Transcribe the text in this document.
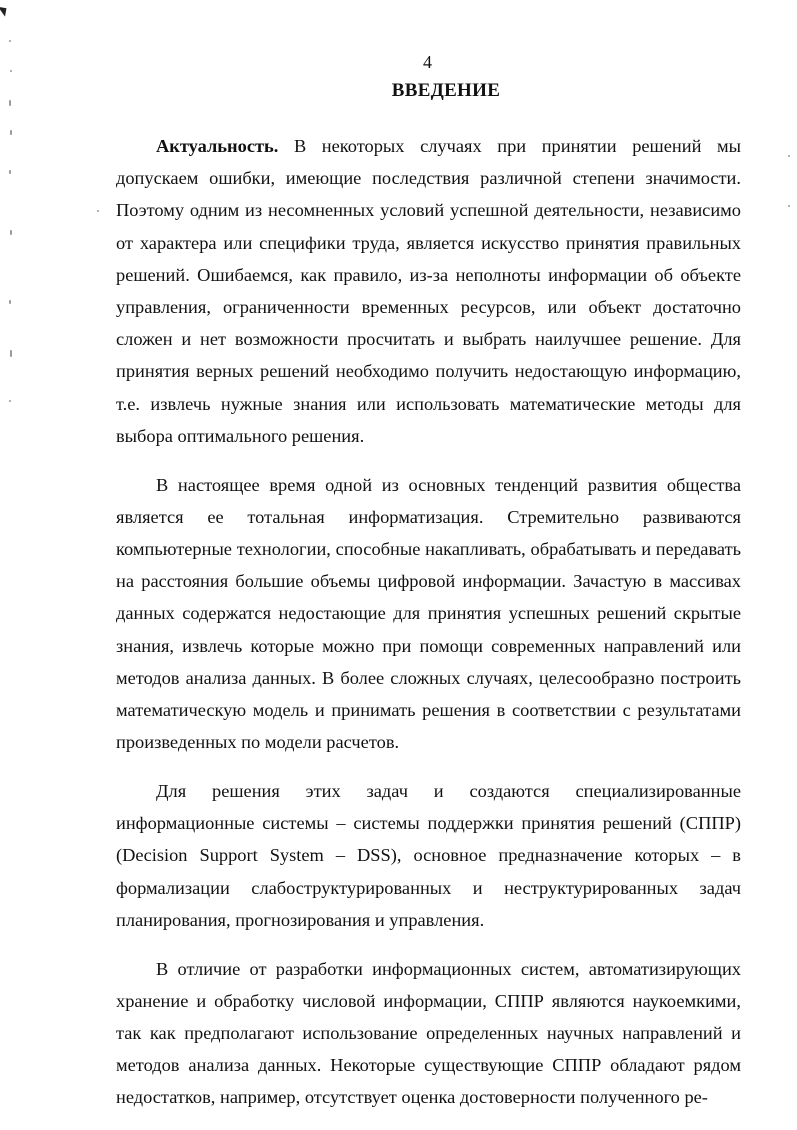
4
ВВЕДЕНИЕ

Актуальность. В некоторых случаях при принятии решений мы допускаем ошибки, имеющие последствия различной степени значимости. Поэтому одним из несомненных условий успешной деятельности, независимо от характера или специфики труда, является искусство принятия правильных решений. Ошибаемся, как правило, из-за неполноты информации об объекте управления, ограниченности временных ресурсов, или объект достаточно сложен и нет возможности просчитать и выбрать наилучшее решение. Для принятия верных решений необходимо получить недостающую информацию, т.е. извлечь нужные знания или использовать математические методы для выбора оптимального решения.

В настоящее время одной из основных тенденций развития общества является ее тотальная информатизация. Стремительно развиваются компьютерные технологии, способные накапливать, обрабатывать и передавать на расстояния большие объемы цифровой информации. Зачастую в массивах данных содержатся недостающие для принятия успешных решений скрытые знания, извлечь которые можно при помощи современных направлений или методов анализа данных. В более сложных случаях, целесообразно построить математическую модель и принимать решения в соответствии с результатами произведенных по модели расчетов.

Для решения этих задач и создаются специализированные информационные системы – системы поддержки принятия решений (СППР) (Decision Support System – DSS), основное предназначение которых – в формализации слабоструктурированных и неструктурированных задач планирования, прогнозирования и управления.

В отличие от разработки информационных систем, автоматизирующих хранение и обработку числовой информации, СППР являются наукоемкими, так как предполагают использование определенных научных направлений и методов анализа данных. Некоторые существующие СППР обладают рядом недостатков, например, отсутствует оценка достоверности полученного ре-
